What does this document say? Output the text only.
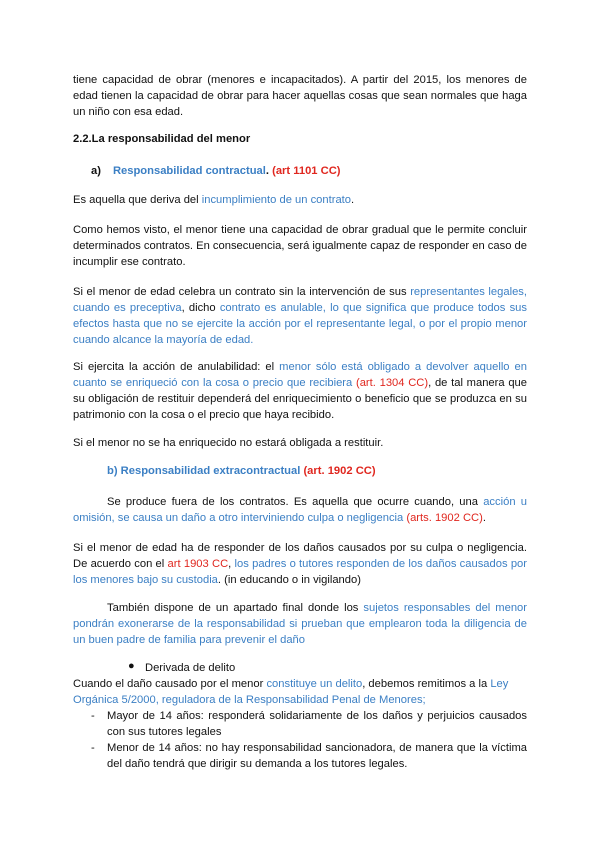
tiene capacidad de obrar (menores e incapacitados). A partir del 2015, los menores de edad tienen la capacidad de obrar para hacer aquellas cosas que sean normales que haga un niño con esa edad.

2.2.La responsabilidad del menor

a) Responsabilidad contractual. (art 1101 CC)

Es aquella que deriva del incumplimiento de un contrato.

Como hemos visto, el menor tiene una capacidad de obrar gradual que le permite concluir determinados contratos. En consecuencia, será igualmente capaz de responder en caso de incumplir ese contrato.

Si el menor de edad celebra un contrato sin la intervención de sus representantes legales, cuando es preceptiva, dicho contrato es anulable, lo que significa que produce todos sus efectos hasta que no se ejercite la acción por el representante legal, o por el propio menor cuando alcance la mayoría de edad.

Si ejercita la acción de anulabilidad: el menor sólo está obligado a devolver aquello en cuanto se enriqueció con la cosa o precio que recibiera (art. 1304 CC), de tal manera que su obligación de restituir dependerá del enriquecimiento o beneficio que se produzca en su patrimonio con la cosa o el precio que haya recibido.

Si el menor no se ha enriquecido no estará obligada a restituir.

b) Responsabilidad extracontractual (art. 1902 CC)

Se produce fuera de los contratos. Es aquella que ocurre cuando, una acción u omisión, se causa un daño a otro interviniendo culpa o negligencia (arts. 1902 CC).

Si el menor de edad ha de responder de los daños causados por su culpa o negligencia. De acuerdo con el art 1903 CC, los padres o tutores responden de los daños causados por los menores bajo su custodia. (in educando o in vigilando)

También dispone de un apartado final donde los sujetos responsables del menor pondrán exonerarse de la responsabilidad si prueban que emplearon toda la diligencia de un buen padre de familia para prevenir el daño

● Derivada de delito

Cuando el daño causado por el menor constituye un delito, debemos remitimos a la Ley Orgánica 5/2000, reguladora de la Responsabilidad Penal de Menores;

- Mayor de 14 años: responderá solidariamente de los daños y perjuicios causados con sus tutores legales

- Menor de 14 años: no hay responsabilidad sancionadora, de manera que la víctima del daño tendrá que dirigir su demanda a los tutores legales.
